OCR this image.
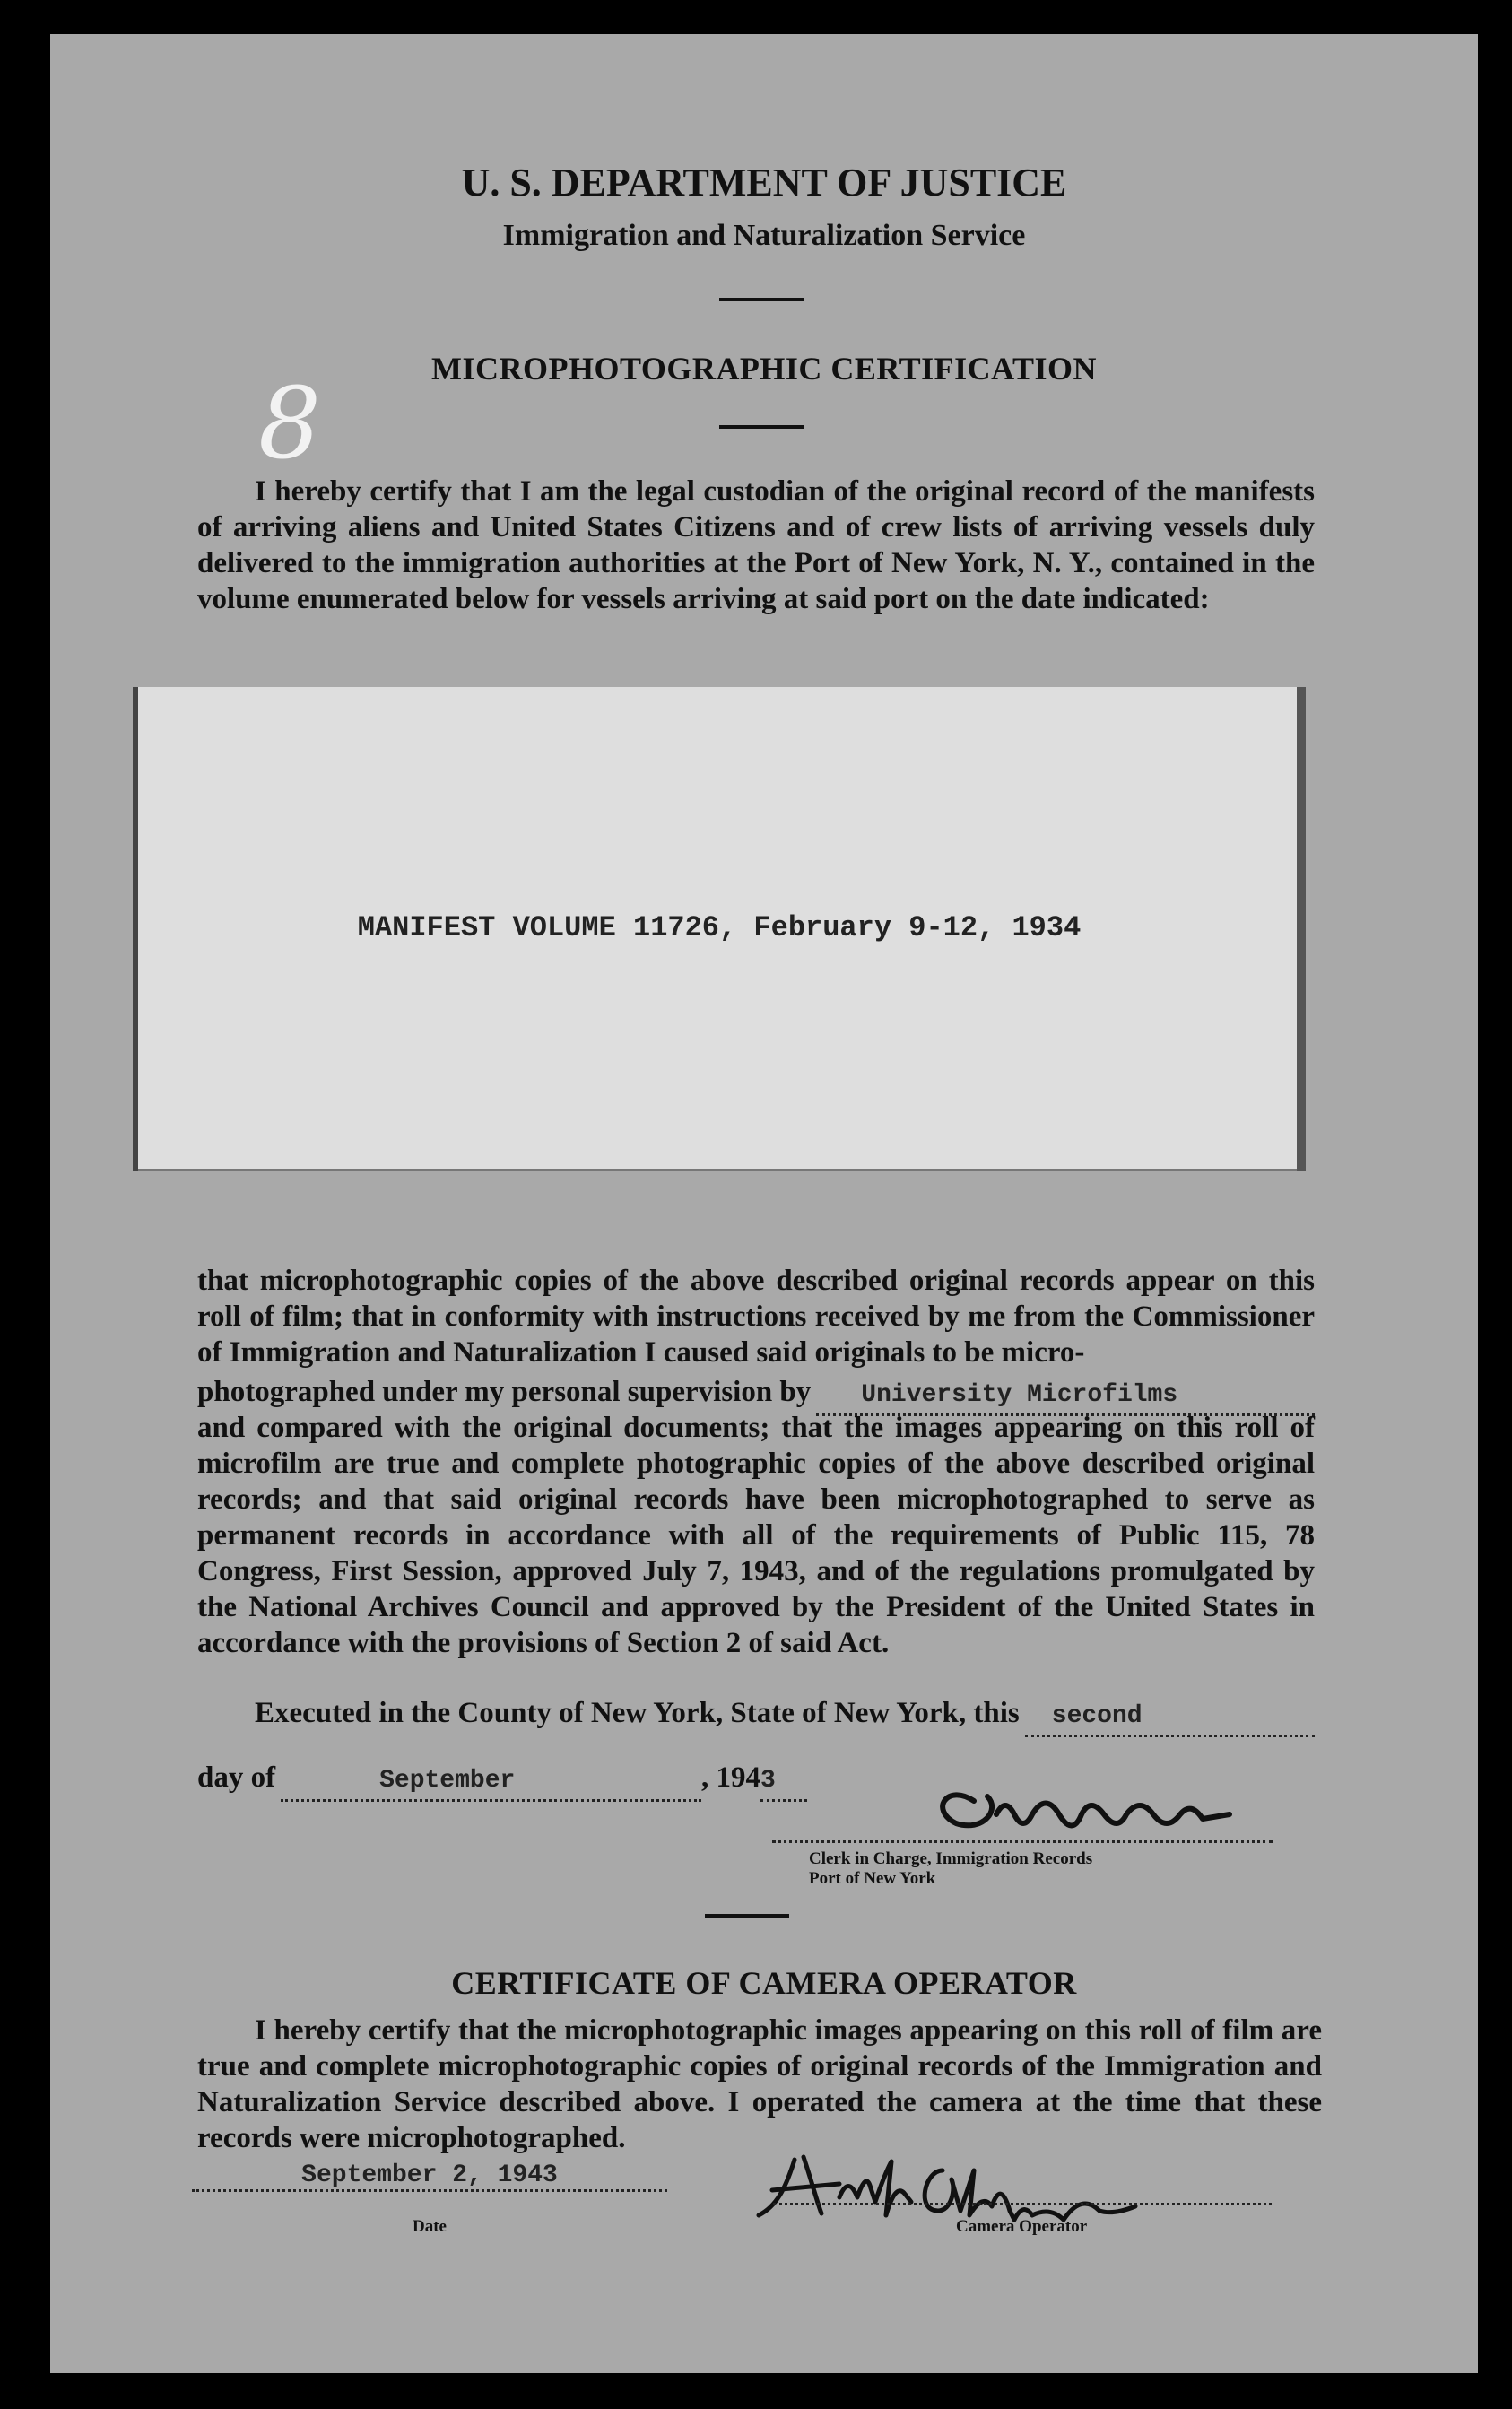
U. S. DEPARTMENT OF JUSTICE
Immigration and Naturalization Service
MICROPHOTOGRAPHIC CERTIFICATION
8

I hereby certify that I am the legal custodian of the original record of the manifests of arriving aliens and United States Citizens and of crew lists of arriving vessels duly delivered to the immigration authorities at the Port of New York, N. Y., contained in the volume enumerated below for vessels arriving at said port on the date indicated:

MANIFEST VOLUME 11726, February 9-12, 1934

that microphotographic copies of the above described original records appear on this roll of film; that in conformity with instructions received by me from the Commissioner of Immigration and Naturalization I caused said originals to be micro-

photographed under my personal supervision by	University Microfilms

and compared with the original documents; that the images appearing on this roll of microfilm are true and complete photographic copies of the above described original records; and that said original records have been microphotographed to serve as permanent records in accordance with all of the requirements of Public 115, 78 Congress, First Session, approved July 7, 1943, and of the regulations promulgated by the National Archives Council and approved by the President of the United States in accordance with the provisions of Section 2 of said Act.

Executed in the County of New York, State of New York, this	second
day of	September	, 194 3
Clerk in Charge, Immigration Records
Port of New York
CERTIFICATE OF CAMERA OPERATOR

I hereby certify that the microphotographic images appearing on this roll of film are true and complete microphotographic copies of original records of the Immigration and Naturalization Service described above. I operated the camera at the time that these records were microphotographed.

September 2, 1943
Date	Camera Operator
